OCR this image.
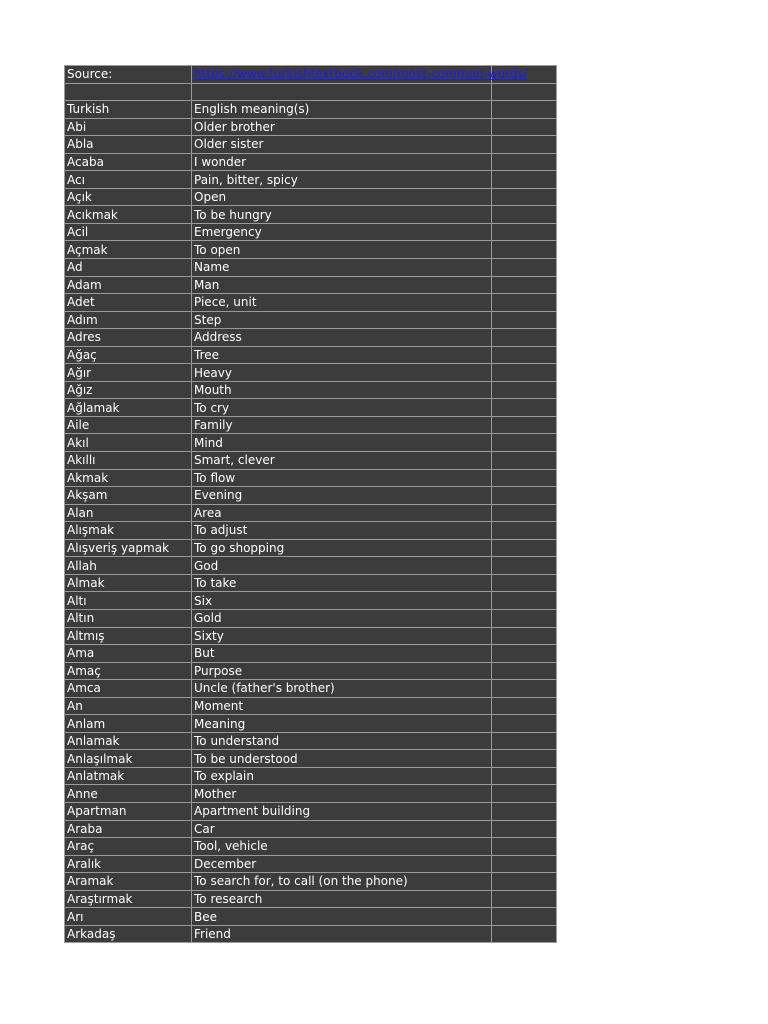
Source:	https://www.turkishtextbook.com/most-common-words/	

Turkish	English meaning(s)	
Abi	Older brother	
Abla	Older sister	
Acaba	I wonder	
Acı	Pain, bitter, spicy	
Açık	Open	
Acıkmak	To be hungry	
Acil	Emergency	
Açmak	To open	
Ad	Name	
Adam	Man	
Adet	Piece, unit	
Adım	Step	
Adres	Address	
Ağaç	Tree	
Ağır	Heavy	
Ağız	Mouth	
Ağlamak	To cry	
Aile	Family	
Akıl	Mind	
Akıllı	Smart, clever	
Akmak	To flow	
Akşam	Evening	
Alan	Area	
Alışmak	To adjust	
Alışveriş yapmak	To go shopping	
Allah	God	
Almak	To take	
Altı	Six	
Altın	Gold	
Altmış	Sixty	
Ama	But	
Amaç	Purpose	
Amca	Uncle (father's brother)	
An	Moment	
Anlam	Meaning	
Anlamak	To understand	
Anlaşılmak	To be understood	
Anlatmak	To explain	
Anne	Mother	
Apartman	Apartment building	
Araba	Car	
Araç	Tool, vehicle	
Aralık	December	
Aramak	To search for, to call (on the phone)	
Araştırmak	To research	
Arı	Bee	
Arkadaş	Friend	
